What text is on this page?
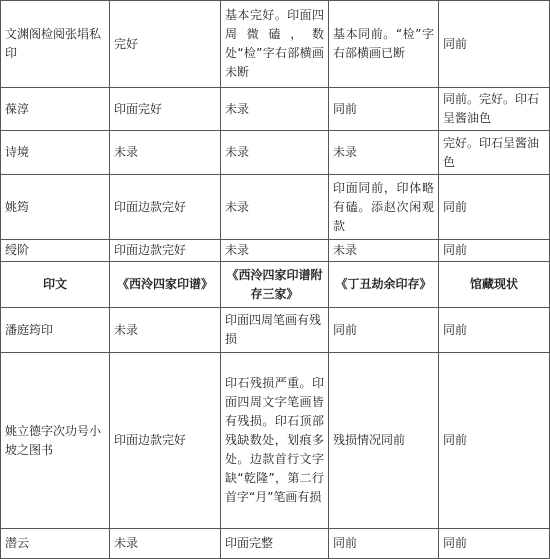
文渊阁检阅张埍私印	完好	基本完好。印面四周微磕，数处“检”字右部横画未断	基本同前。“检”字右部横画已断	同前
葆淳	印面完好	未录	同前	同前。完好。印石呈酱油色
诗境	未录	未录	未录	完好。印石呈酱油色
姚筠	印面边款完好	未录	印面同前，印体略有磕。添赵次闲观款	同前
绶阶	印面边款完好	未录	未录	同前
印文	《西泠四家印谱》	《西泠四家印谱附存三家》	《丁丑劫余印存》	馆藏现状
潘庭筠印	未录	印面四周笔画有残损	同前	同前
姚立德字次功号小坡之图书	印面边款完好	印石残损严重。印面四周文字笔画皆有残损。印石顶部残缺数处，划痕多处。边款首行文字缺“乾隆”，第二行首字“月”笔画有损	残损情况同前	同前
潜云	未录	印面完整	同前	同前
